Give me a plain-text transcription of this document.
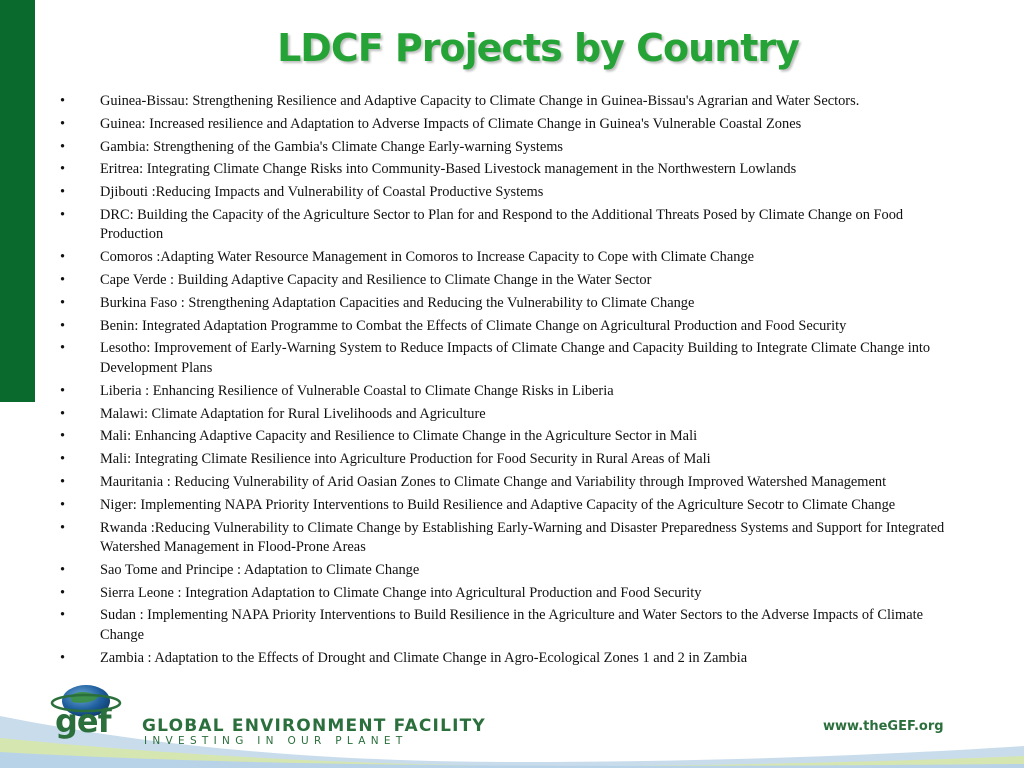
LDCF Projects by Country
•	Guinea-Bissau: Strengthening Resilience and Adaptive Capacity to Climate Change in Guinea-Bissau's Agrarian and Water Sectors.
•	Guinea: Increased resilience and Adaptation to Adverse Impacts of Climate Change in Guinea's Vulnerable Coastal Zones
•	Gambia: Strengthening of the Gambia's Climate Change Early-warning Systems
•	Eritrea: Integrating Climate Change Risks into Community-Based Livestock management in the Northwestern Lowlands
•	Djibouti :Reducing Impacts and Vulnerability of Coastal Productive Systems
•	DRC: Building the Capacity of the Agriculture Sector to Plan for and Respond to the Additional Threats Posed by Climate Change on Food Production
•	Comoros :Adapting Water Resource Management in Comoros to Increase Capacity to Cope with Climate Change
•	Cape Verde : Building Adaptive Capacity and Resilience to Climate Change in the Water Sector
•	Burkina Faso : Strengthening Adaptation Capacities and Reducing the Vulnerability to Climate Change
•	Benin: Integrated Adaptation Programme to Combat the Effects of Climate Change on Agricultural Production and Food Security
•	Lesotho: Improvement of Early-Warning System to Reduce Impacts of Climate Change and Capacity Building to Integrate Climate Change into Development Plans
•	Liberia : Enhancing Resilience of Vulnerable Coastal to Climate Change Risks in Liberia
•	Malawi: Climate Adaptation for Rural Livelihoods and Agriculture
•	Mali: Enhancing Adaptive Capacity and Resilience to Climate Change in the Agriculture Sector in Mali
•	Mali: Integrating Climate Resilience into Agriculture Production for Food Security in Rural Areas of Mali
•	Mauritania : Reducing Vulnerability of Arid Oasian Zones to Climate Change and Variability through Improved Watershed Management
•	Niger: Implementing NAPA Priority Interventions to Build Resilience and Adaptive Capacity of the Agriculture Secotr to Climate Change
•	Rwanda :Reducing Vulnerability to Climate Change by Establishing Early-Warning and Disaster Preparedness Systems and Support for Integrated Watershed Management in Flood-Prone Areas
•	Sao Tome and Principe : Adaptation to Climate Change
•	Sierra Leone : Integration Adaptation to Climate Change into Agricultural Production and Food Security
•	Sudan : Implementing NAPA Priority Interventions to Build Resilience in the Agriculture and Water Sectors to the Adverse Impacts of Climate Change
•	Zambia : Adaptation to the Effects of Drought and Climate Change in Agro-Ecological Zones 1 and 2 in Zambia
gef GLOBAL ENVIRONMENT FACILITY
INVESTING IN OUR PLANET
www.theGEF.org
